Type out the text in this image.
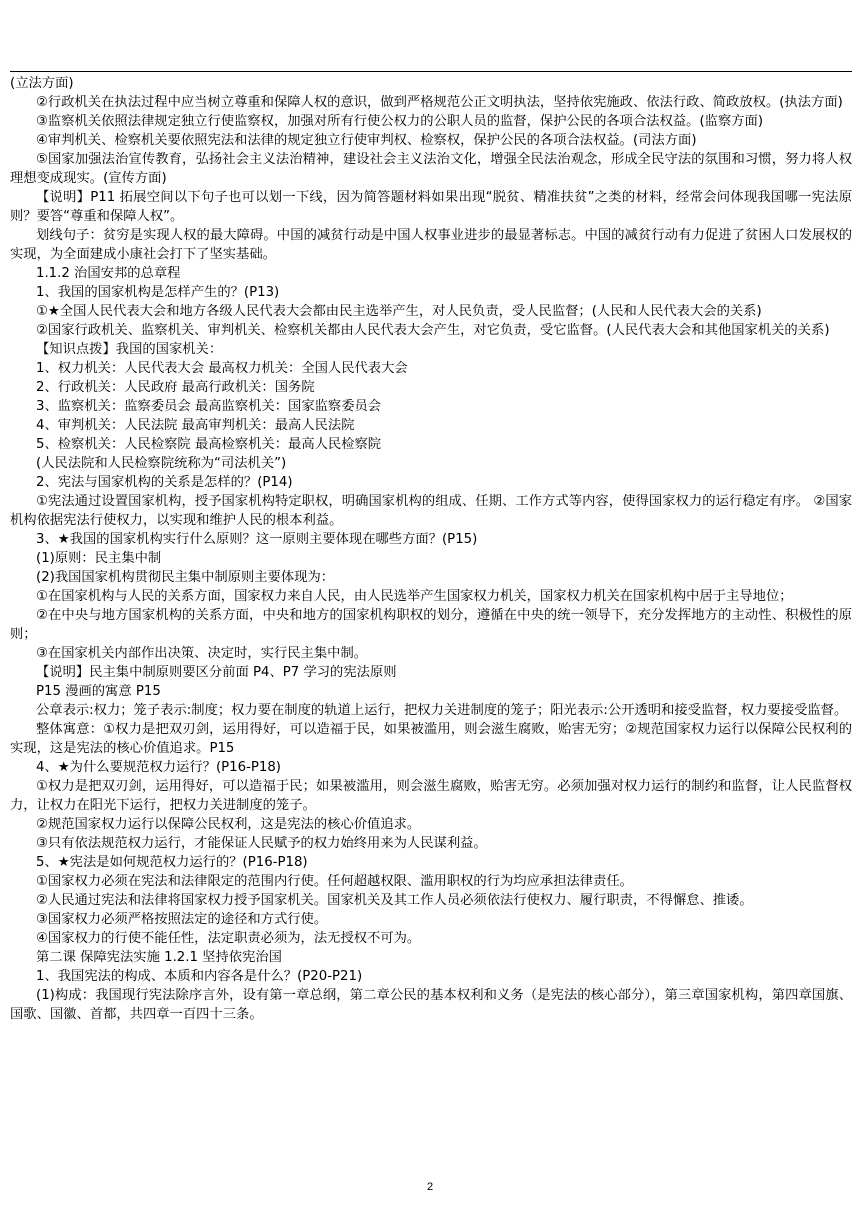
(立法方面)

②行政机关在执法过程中应当树立尊重和保障人权的意识，做到严格规范公正文明执法，坚持依宪施政、依法行政、简政放权。(执法方面)

③监察机关依照法律规定独立行使监察权，加强对所有行使公权力的公职人员的监督，保护公民的各项合法权益。(监察方面)

④审判机关、检察机关要依照宪法和法律的规定独立行使审判权、检察权，保护公民的各项合法权益。(司法方面)

⑤国家加强法治宣传教育，弘扬社会主义法治精神，建设社会主义法治文化，增强全民法治观念，形成全民守法的氛围和习惯，努力将人权理想变成现实。(宣传方面)

【说明】P11 拓展空间以下句子也可以划一下线，因为简答题材料如果出现“脱贫、精准扶贫”之类的材料，经常会问体现我国哪一宪法原则？要答“尊重和保障人权”。

划线句子：贫穷是实现人权的最大障碍。中国的减贫行动是中国人权事业进步的最显著标志。中国的减贫行动有力促进了贫困人口发展权的实现，为全面建成小康社会打下了坚实基础。

1.1.2 治国安邦的总章程

1、我国的国家机构是怎样产生的？(P13)

①★全国人民代表大会和地方各级人民代表大会都由民主选举产生，对人民负责，受人民监督；(人民和人民代表大会的关系)

②国家行政机关、监察机关、审判机关、检察机关都由人民代表大会产生，对它负责，受它监督。(人民代表大会和其他国家机关的关系)

【知识点拨】我国的国家机关：

1、权力机关：人民代表大会 最高权力机关：全国人民代表大会

2、行政机关：人民政府 最高行政机关：国务院

3、监察机关：监察委员会 最高监察机关：国家监察委员会

4、审判机关：人民法院 最高审判机关：最高人民法院

5、检察机关：人民检察院 最高检察机关：最高人民检察院

(人民法院和人民检察院统称为“司法机关”)

2、宪法与国家机构的关系是怎样的？(P14)

①宪法通过设置国家机构，授予国家机构特定职权，明确国家机构的组成、任期、工作方式等内容，使得国家权力的运行稳定有序。 ②国家机构依据宪法行使权力，以实现和维护人民的根本利益。

3、★我国的国家机构实行什么原则？这一原则主要体现在哪些方面？(P15)

(1)原则：民主集中制

(2)我国国家机构贯彻民主集中制原则主要体现为：

①在国家机构与人民的关系方面，国家权力来自人民，由人民选举产生国家权力机关，国家权力机关在国家机构中居于主导地位；

②在中央与地方国家机构的关系方面，中央和地方的国家机构职权的划分，遵循在中央的统一领导下，充分发挥地方的主动性、积极性的原则；

③在国家机关内部作出决策、决定时，实行民主集中制。

【说明】民主集中制原则要区分前面 P4、P7 学习的宪法原则

P15 漫画的寓意 P15

公章表示:权力；笼子表示:制度；权力要在制度的轨道上运行，把权力关进制度的笼子；阳光表示:公开透明和接受监督，权力要接受监督。

整体寓意：①权力是把双刃剑，运用得好，可以造福于民，如果被滥用，则会滋生腐败，贻害无穷；②规范国家权力运行以保障公民权利的实现，这是宪法的核心价值追求。P15

4、★为什么要规范权力运行？(P16-P18)

①权力是把双刃剑，运用得好，可以造福于民；如果被滥用，则会滋生腐败，贻害无穷。必须加强对权力运行的制约和监督，让人民监督权力，让权力在阳光下运行，把权力关进制度的笼子。

②规范国家权力运行以保障公民权利，这是宪法的核心价值追求。

③只有依法规范权力运行，才能保证人民赋予的权力始终用来为人民谋利益。

5、★宪法是如何规范权力运行的？(P16-P18)

①国家权力必须在宪法和法律限定的范围内行使。任何超越权限、滥用职权的行为均应承担法律责任。

②人民通过宪法和法律将国家权力授予国家机关。国家机关及其工作人员必须依法行使权力、履行职责，不得懈怠、推诿。

③国家权力必须严格按照法定的途径和方式行使。

④国家权力的行使不能任性，法定职责必须为，法无授权不可为。

第二课 保障宪法实施 1.2.1 坚持依宪治国

1、我国宪法的构成、本质和内容各是什么？(P20-P21)

(1)构成：我国现行宪法除序言外，设有第一章总纲，第二章公民的基本权利和义务（是宪法的核心部分），第三章国家机构，第四章国旗、国歌、国徽、首都，共四章一百四十三条。

2
